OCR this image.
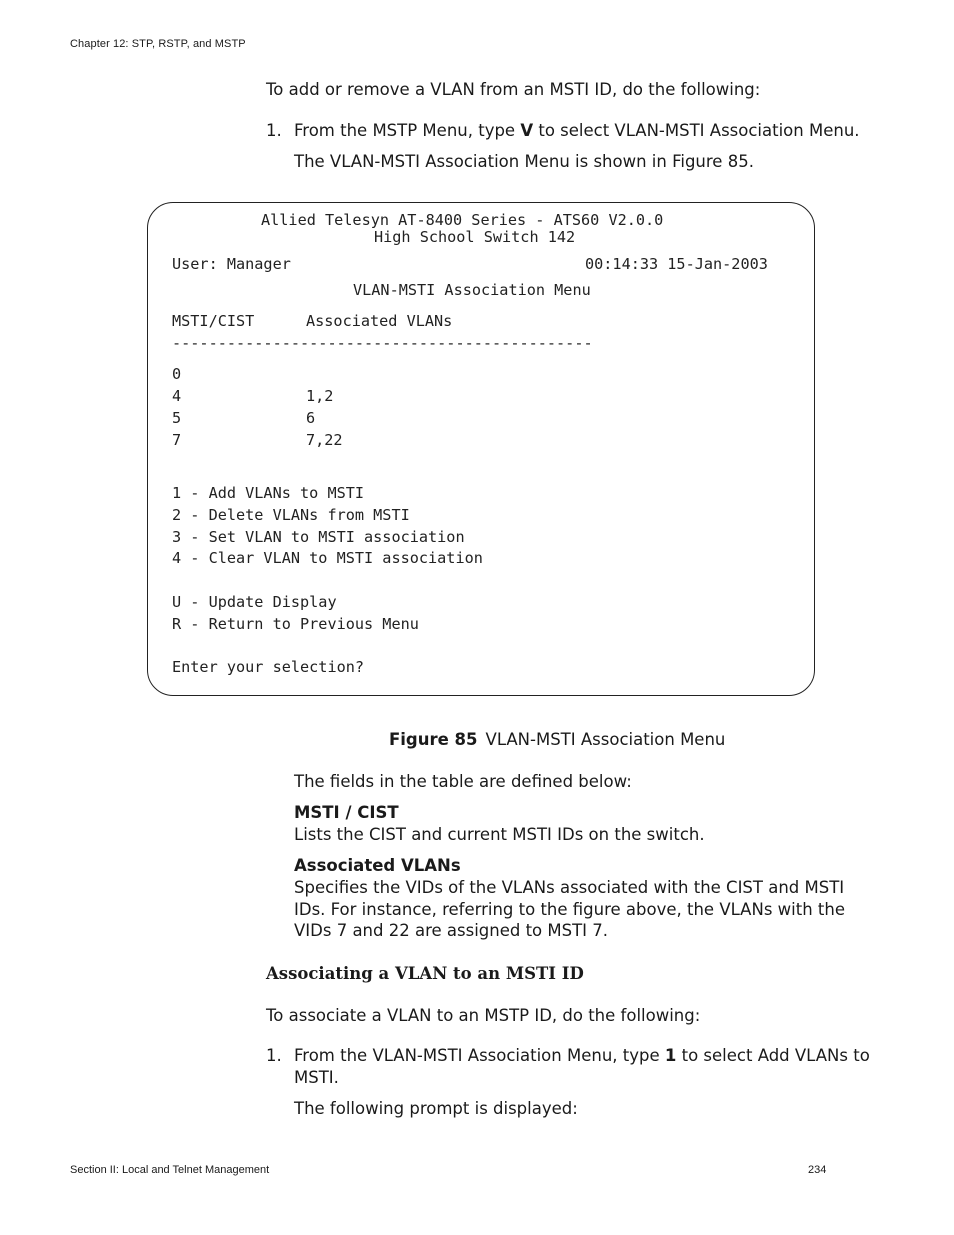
Chapter 12: STP, RSTP, and MSTP
To add or remove a VLAN from an MSTI ID, do the following:
1. From the MSTP Menu, type V to select VLAN-MSTI Association Menu.
The VLAN-MSTI Association Menu is shown in Figure 85.
Allied Telesyn AT-8400 Series - ATS60 V2.0.0
High School Switch 142
User: Manager	00:14:33 15-Jan-2003
VLAN-MSTI Association Menu
MSTI/CIST	Associated VLANs
----------------------------------------------
0
4	1,2
5	6
7	7,22
1 - Add VLANs to MSTI
2 - Delete VLANs from MSTI
3 - Set VLAN to MSTI association
4 - Clear VLAN to MSTI association
U - Update Display
R - Return to Previous Menu
Enter your selection?
Figure 85 VLAN-MSTI Association Menu
The fields in the table are defined below:
MSTI / CIST
Lists the CIST and current MSTI IDs on the switch.
Associated VLANs
Specifies the VIDs of the VLANs associated with the CIST and MSTI
IDs. For instance, referring to the figure above, the VLANs with the
VIDs 7 and 22 are assigned to MSTI 7.
Associating a VLAN to an MSTI ID
To associate a VLAN to an MSTP ID, do the following:
1. From the VLAN-MSTI Association Menu, type 1 to select Add VLANs to
MSTI.
The following prompt is displayed:
Section II: Local and Telnet Management	234
